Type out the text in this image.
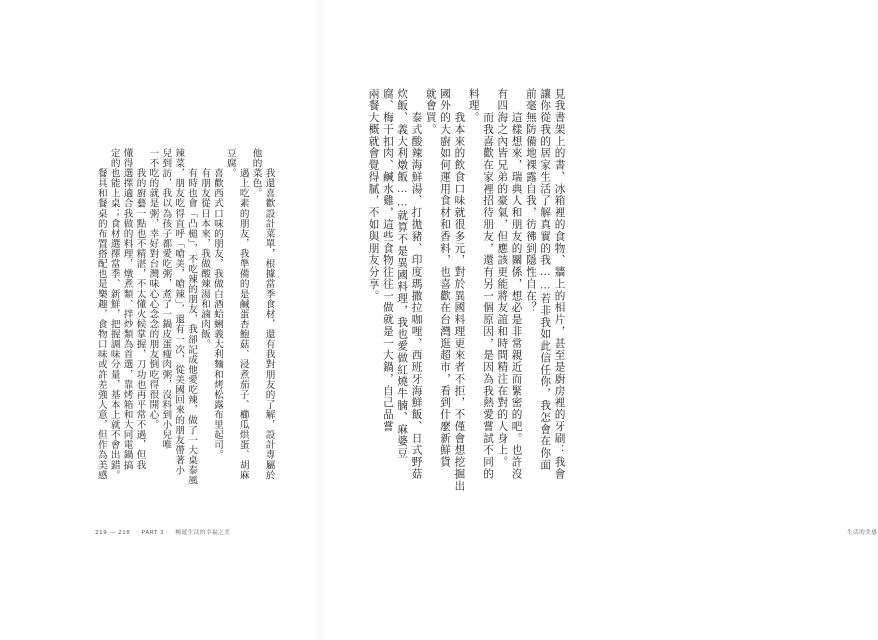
　　我還喜歡設計菜單，根據當季食材，還有我對朋友的了解，設計專屬於
他的菜色。
　　遇上吃素的朋友，我準備的是鹹蛋杏鮑菇、浸煮茄子、櫛瓜烘蛋、胡麻
豆腐。
　　喜歡西式口味的朋友，我做白酒蛤蜊義大利麵和烤松露布里起司。
　　有朋友從日本來，我做酸辣湯和滷肉飯。
　　有時也會「凸槌」，不吃辣的朋友，我卻記成他愛吃辣，做了一大桌泰風
辣菜，朋友吃得直呼「嗆美，嗆辣」，還有一次，從美國回來的朋友帶著小
兒到訪，我以為孩子都愛吃粥，煮了一鍋皮蛋瘦肉粥，沒料到小兒唯
一不吃的就是粥，幸好對台灣味心心念念的朋友倒吃得很開心。
　　我的廚藝一點也不精湛，不太懂火候掌握，刀功也再平常不過，但我
懂得選擇適合我做的料理，燉煮類、拌炒類為首選，靠烤箱和大同電鍋搞
定的也能上桌；食材選擇當季、新鮮，把握調味分量，基本上就不會出錯。
　　餐具和餐桌的布置搭配也是樂趣，食物口味或許差強人意，但作為美感
219 — 218 PART 3 暢遊生活的幸福之美
見我書架上的書、冰箱裡的食物、牆上的相片，甚至是廚房裡的牙刷：我會
讓你從我的居家生活了解真實的我……若非我如此信任你，我怎會在你面
前毫無防備地裸露自我，彷彿到隱性自在？
　　這樣想來，瑞典人和朋友的關係，想必是非常親近而緊密的吧。也許沒
有四海之內皆兄弟的豪氣，但應該更能將友誼和時間精注在對的人身上。
　　而我喜歡在家裡招待朋友，還有另一個原因，是因為我熱愛嘗試不同的
料理。
　　我本來的飲食口味就很多元，對於異國料理更來者不拒，不僅會想挖掘出
國外的大廚如何運用食材和香料，也喜歡在台灣逛超市，看到什麼新鮮貨
就會買。
　　泰式酸辣海鮮湯、打拋豬、印度瑪撒拉咖哩、西班牙海鮮飯、日式野菇
炊飯、義大利燉飯……就算不是異國料理，我也愛做紅燒牛腩、麻婆豆
腐、梅干扣肉、鹹水雞，這些食物往往一做就是一大鍋，自己品嘗
兩餐大概就會覺得膩，不如與朋友分享。
生活的美感
